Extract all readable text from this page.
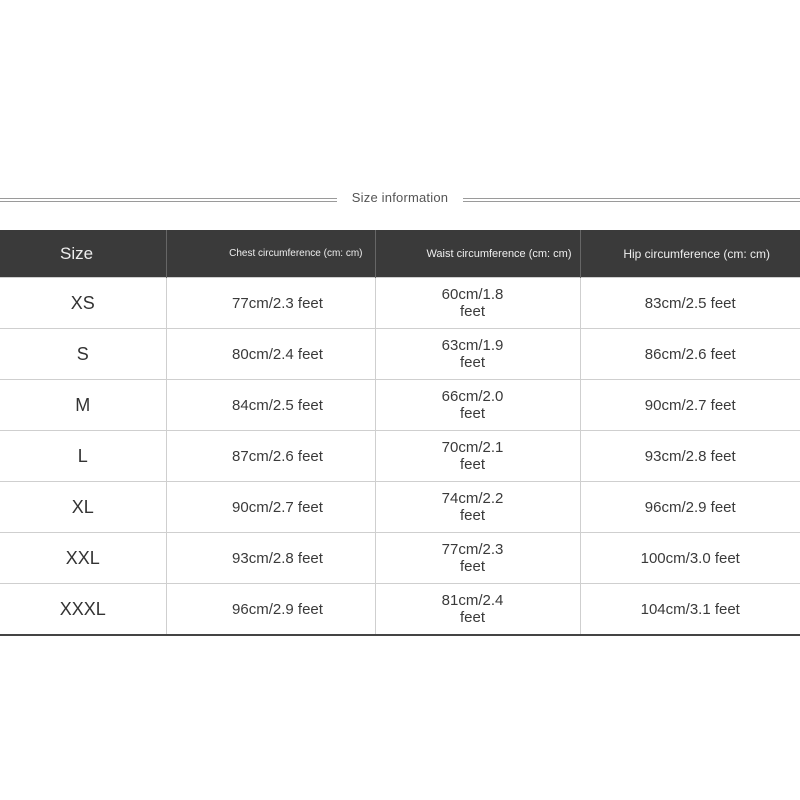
Size information
Size	Chest circumference (cm: cm)	Waist circumference (cm: cm)	Hip circumference (cm: cm)
XS	77cm/2.3 feet	60cm/1.8 feet	83cm/2.5 feet
S	80cm/2.4 feet	63cm/1.9 feet	86cm/2.6 feet
M	84cm/2.5 feet	66cm/2.0 feet	90cm/2.7 feet
L	87cm/2.6 feet	70cm/2.1 feet	93cm/2.8 feet
XL	90cm/2.7 feet	74cm/2.2 feet	96cm/2.9 feet
XXL	93cm/2.8 feet	77cm/2.3 feet	100cm/3.0 feet
XXXL	96cm/2.9 feet	81cm/2.4 feet	104cm/3.1 feet
